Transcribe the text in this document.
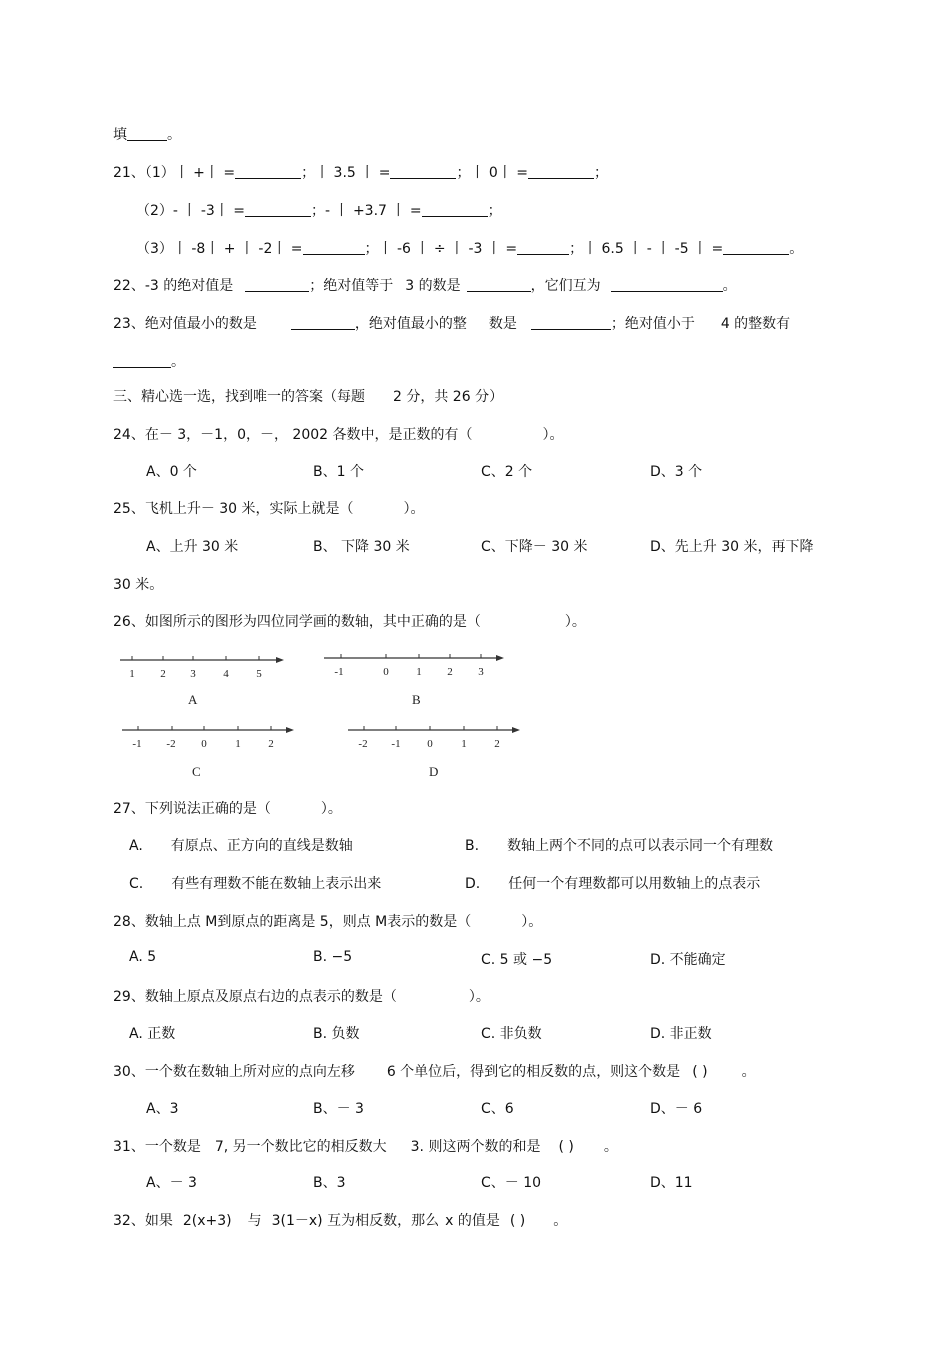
填	。
21、（1）丨 +丨 =	；丨 3.5 丨 =	；丨 0丨 =	；
（2）- 丨 -3丨 =	；- 丨 +3.7 丨 =	；
（3）丨 -8丨 + 丨 -2丨 =	；丨 -6 丨 ÷ 丨 -3 丨 =	；丨 6.5 丨 - 丨 -5 丨 =	。
22、-3 的绝对值是	；绝对值等于 3 的数是	，它们互为	。
23、绝对值最小的数是	，绝对值最小的整 数是	；绝对值小于 4 的整数有
。
三、精心选一选，找到唯一的答案（每题 2 分，共 26 分）
24、在－ 3，－1，0，－， 2002 各数中，是正数的有（	）。
A、0 个	B、1 个	C、2 个	D、3 个
25、飞机上升－ 30 米，实际上就是（	）。
A、上升 30 米	B、 下降 30 米	C、下降－ 30 米	D、先上升 30 米，再下降
30 米。
26、如图所示的图形为四位同学画的数轴，其中正确的是（	）。
1 2 3	4	5
A
-1	0	1 2 3
B
-1 -2 0	1	2
C
-2 -1 0	1	2
D
27、下列说法正确的是（	）。
A. 有原点、正方向的直线是数轴	B. 数轴上两个不同的点可以表示同一个有理数
C. 有些有理数不能在数轴上表示出来	D. 任何一个有理数都可以用数轴上的点表示
28、数轴上点 M到原点的距离是 5，则点 M表示的数是（	）。
A. 5	B. −5	C. 5 或 −5	D. 不能确定
29、数轴上原点及原点右边的点表示的数是（	）。
A. 正数	B. 负数	C. 非负数	D. 非正数
30、一个数在数轴上所对应的点向左移 6 个单位后，得到它的相反数的点，则这个数是 ( ) 。
A、3	B、－ 3	C、6	D、－ 6
31、一个数是 7, 另一个数比它的相反数大 3. 则这两个数的和是 ( ) 。
A、－ 3	B、3	C、－ 10	D、11
32、如果 2(x+3) 与 3(1－x) 互为相反数，那么 x 的值是 ( ) 。
